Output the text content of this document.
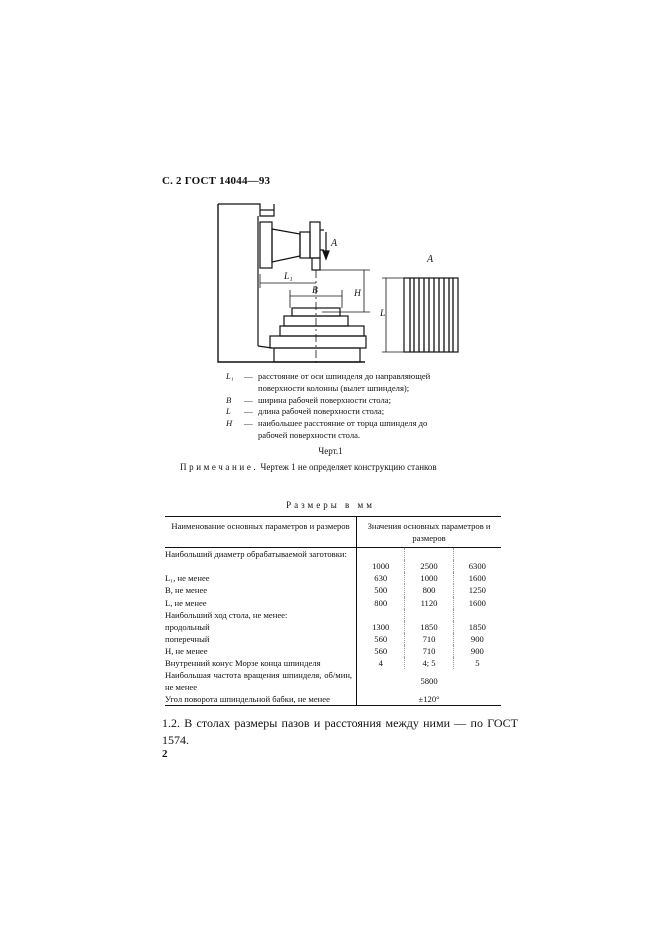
С. 2 ГОСТ 14044—93
A
L₁
H
B
A
L
L₁	— расстояние от оси шпинделя до направляющей
поверхности колонны (вылет шпинделя);
B	— ширина рабочей поверхности стола;
L	— длина рабочей поверхности стола;
H	— наибольшее расстояние от торца шпинделя до
рабочей поверхности стола.
Черт.1
Примечание. Чертеж 1 не определяет конструкцию станков
Размеры в мм
Наименование основных параметров и размеров	Значения основных параметров и размеров		
Наибольший диаметр обрабатываемой заготовки:			
	1000	2500	6300
L₁, не менее	630	1000	1600
B, не менее	500	800	1250
L, не менее	800	1120	1600
Наибольший ход стола, не менее:			
продольный	1300	1850	1850
поперечный	560	710	900
H, не менее	560	710	900
Внутренний конус Морзе конца шпинделя	4	4; 5	5
Наибольшая частота вращения шпинделя, об/мин, не менее	5800		
Угол поворота шпиндельной бабки, не менее	±120°		
1.2. В столах размеры пазов и расстояния между ними — по ГОСТ 1574.
2
